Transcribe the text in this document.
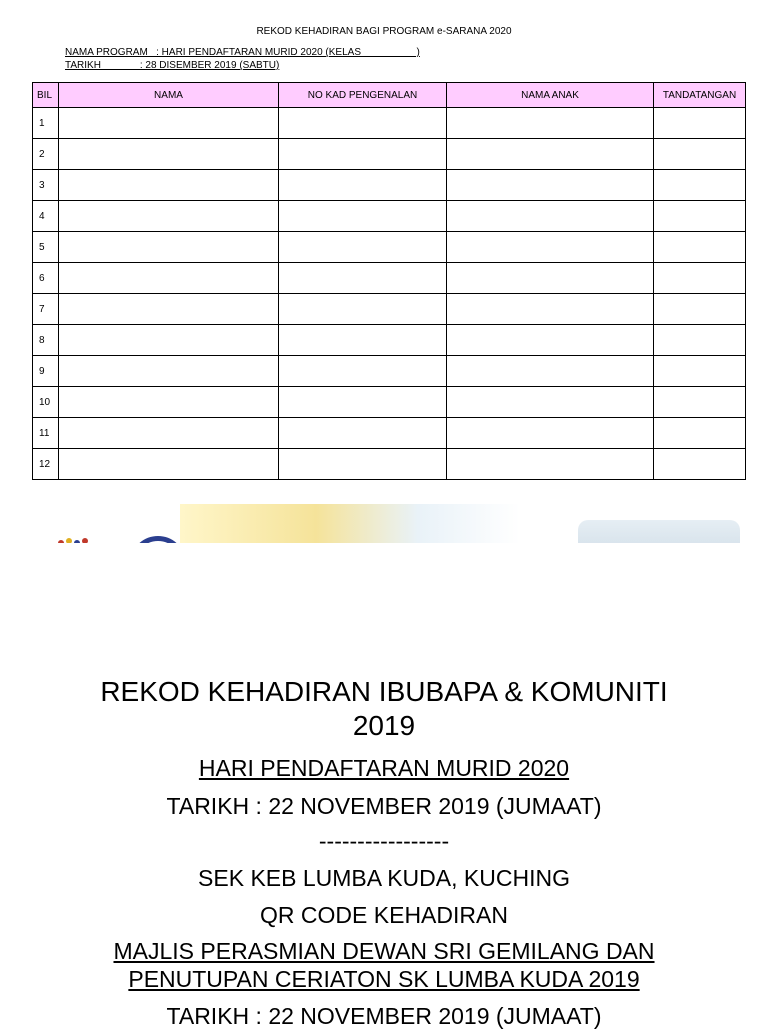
REKOD KEHADIRAN BAGI PROGRAM e-SARANA 2020
NAMA PROGRAM   : HARI PENDAFTARAN MURID 2020 (KELAS                    )
TARIKH              : 28 DISEMBER 2019 (SABTU)
BIL	NAMA	NO KAD PENGENALAN	NAMA ANAK	TANDATANGAN
1				
2				
3				
4				
5				
6				
7				
8				
9				
10				
11				
12				
REKOD KEHADIRAN IBUBAPA & KOMUNITI
2019
HARI PENDAFTARAN MURID 2020
TARIKH : 22 NOVEMBER 2019 (JUMAAT)
-----------------
SEK KEB LUMBA KUDA, KUCHING
QR CODE KEHADIRAN
MAJLIS PERASMIAN DEWAN SRI GEMILANG DAN
PENUTUPAN CERIATON SK LUMBA KUDA 2019
TARIKH : 22 NOVEMBER 2019 (JUMAAT)
